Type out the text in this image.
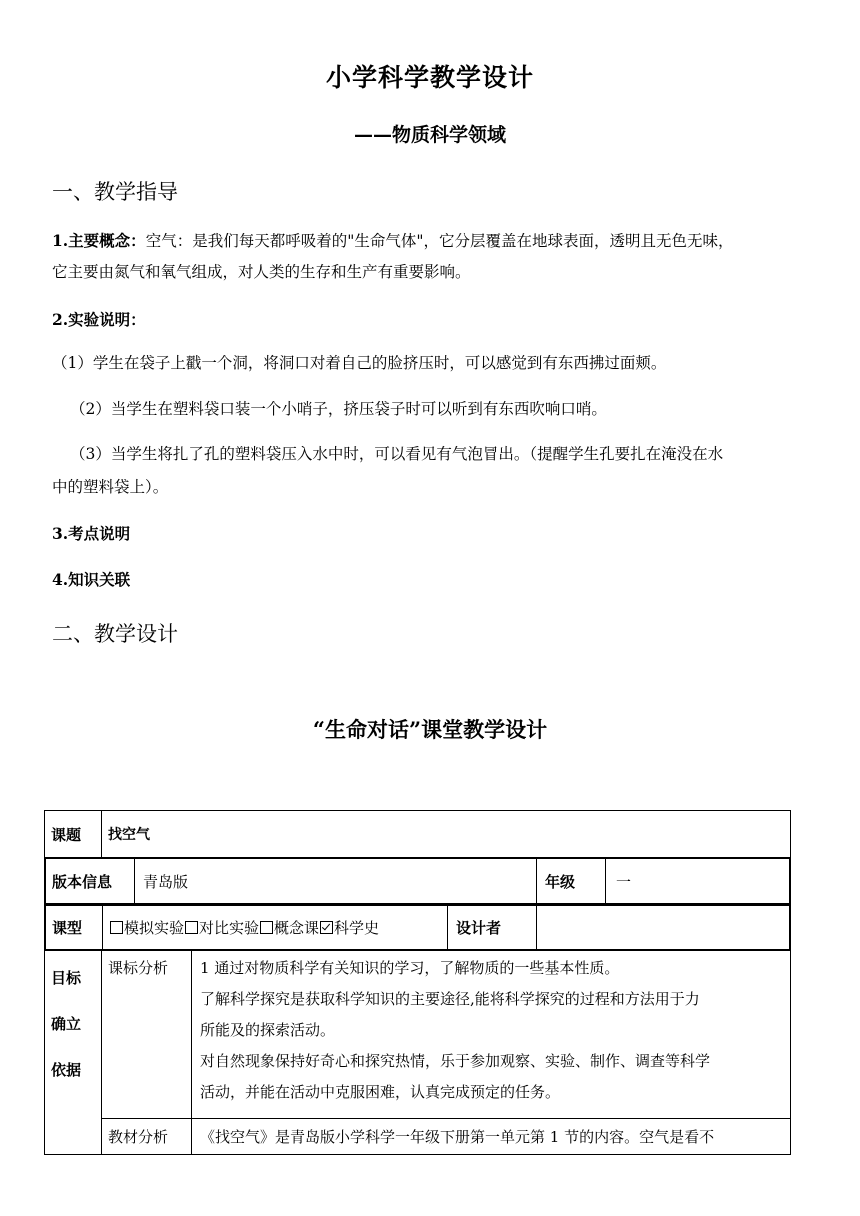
小学科学教学设计
——物质科学领域
一、教学指导
1.主要概念：空气：是我们每天都呼吸着的"生命气体"，它分层覆盖在地球表面，透明且无色无味，
它主要由氮气和氧气组成，对人类的生存和生产有重要影响。
2.实验说明：
（1）学生在袋子上戳一个洞，将洞口对着自己的脸挤压时，可以感觉到有东西拂过面颊。
（2）当学生在塑料袋口装一个小哨子，挤压袋子时可以听到有东西吹响口哨。
（3）当学生将扎了孔的塑料袋压入水中时，可以看见有气泡冒出。（提醒学生孔要扎在淹没在水
中的塑料袋上）。
3.考点说明
4.知识关联
二、教学设计
“生命对话”课堂教学设计
课题	找空气

版本信息	青岛版	年级	一

课型	模拟实验 对比实验 概念课 科学史	设计者	

目标
确立
依据
	课标分析	1 通过对物质科学有关知识的学习，了解物质的一些基本性质。
了解科学探究是获取科学知识的主要途径,能将科学探究的过程和方法用于力
所能及的探索活动。
对自然现象保持好奇心和探究热情，乐于参加观察、实验、制作、调查等科学
活动，并能在活动中克服困难，认真完成预定的任务。

教材分析	《找空气》是青岛版小学科学一年级下册第一单元第 1 节的内容。空气是看不
